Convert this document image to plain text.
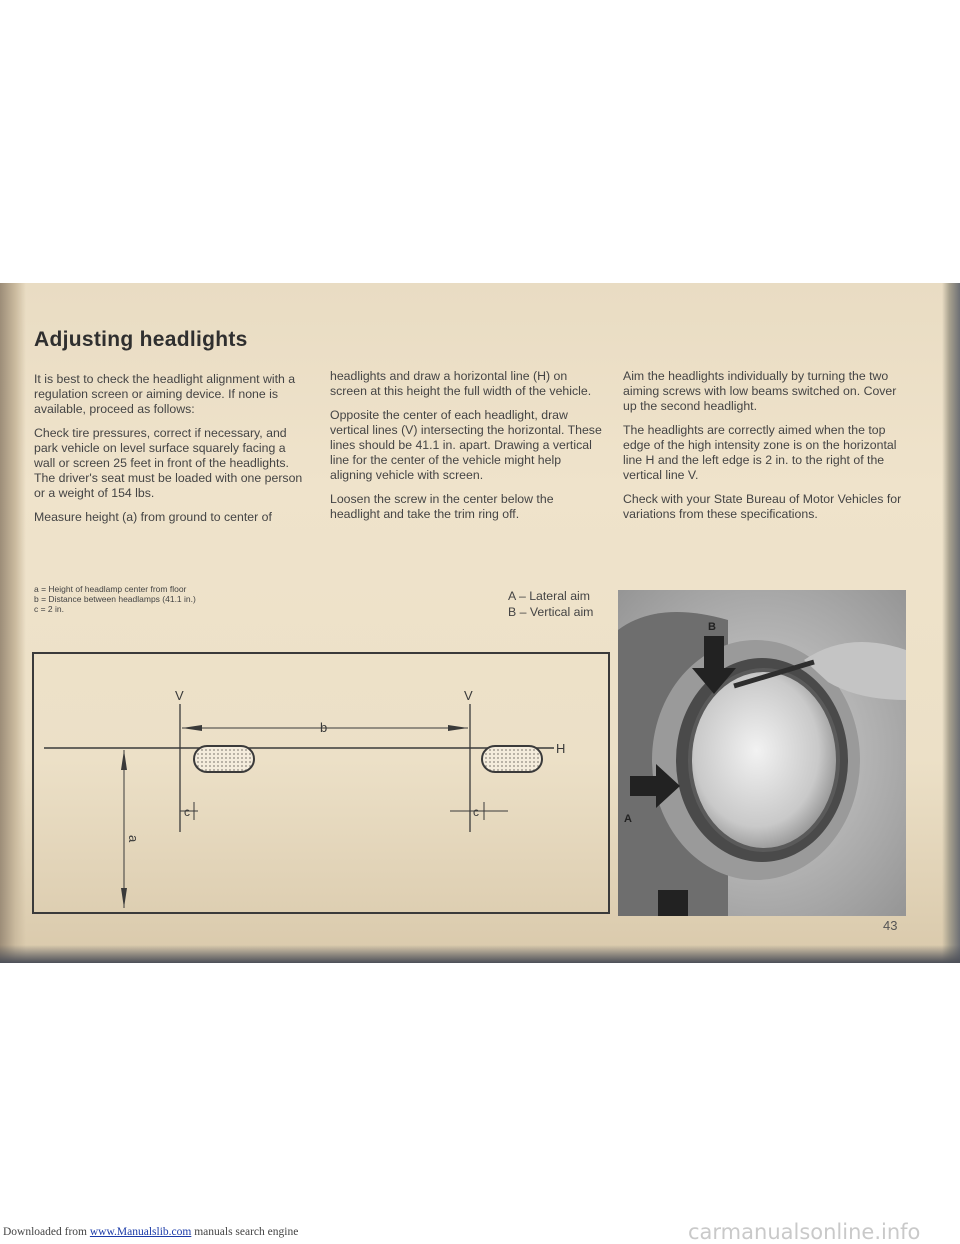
Adjusting headlights

It is best to check the headlight alignment with a regulation screen or aiming device. If none is available, proceed as follows:

Check tire pressures, correct if necessary, and park vehicle on level surface squarely facing a wall or screen 25 feet in front of the headlights. The driver's seat must be loaded with one person or a weight of 154 lbs.

Measure height (a) from ground to center of

headlights and draw a horizontal line (H) on screen at this height the full width of the vehicle.

Opposite the center of each headlight, draw vertical lines (V) intersecting the horizontal. These lines should be 41.1 in. apart. Drawing a vertical line for the center of the vehicle might help aligning vehicle with screen.

Loosen the screw in the center below the headlight and take the trim ring off.

Aim the headlights individually by turning the two aiming screws with low beams switched on. Cover up the second headlight.

The headlights are correctly aimed when the top edge of the high intensity zone is on the horizontal line H and the left edge is 2 in. to the right of the vertical line V.

Check with your State Bureau of Motor Vehicles for variations from these specifications.

a = Height of headlamp center from floor
b = Distance between headlamps (41.1 in.)
c = 2 in.
A – Lateral aim
B – Vertical aim
V	V
b
H
c	c
a
B
A
43
Downloaded from www.Manualslib.com manuals search engine	carmanualsonline.info
